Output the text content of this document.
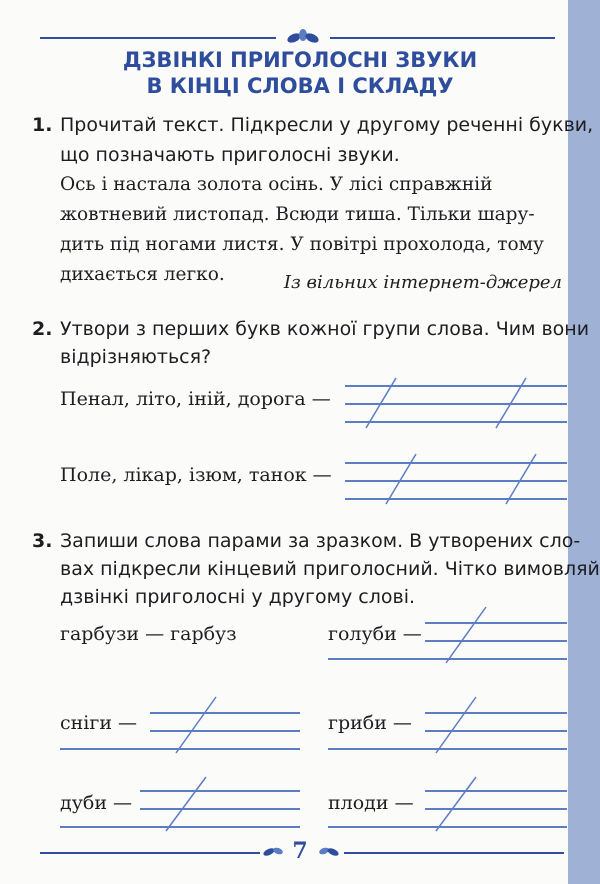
ДЗВІНКІ ПРИГОЛОСНІ ЗВУКИ
В КІНЦІ СЛОВА І СКЛАДУ
1. Прочитай текст. Підкресли у другому реченні букви,
що позначають приголосні звуки.
Ось і настала золота осінь. У лісі справжній
жовтневий листопад. Всюди тиша. Тільки шару-
дить під ногами листя. У повітрі прохолода, тому
дихається легко.	Із вільних інтернет-джерел
2. Утвори з перших букв кожної групи слова. Чим вони
відрізняються?
Пенал, літо, іній, дорога —
Поле, лікар, ізюм, танок —
3. Запиши слова парами за зразком. В утворених сло-
вах підкресли кінцевий приголосний. Чітко вимовляй
дзвінкі приголосні у другому слові.
гарбузи — гарбуз	голуби —
сніги —	гриби —
дуби —	плоди —
7
